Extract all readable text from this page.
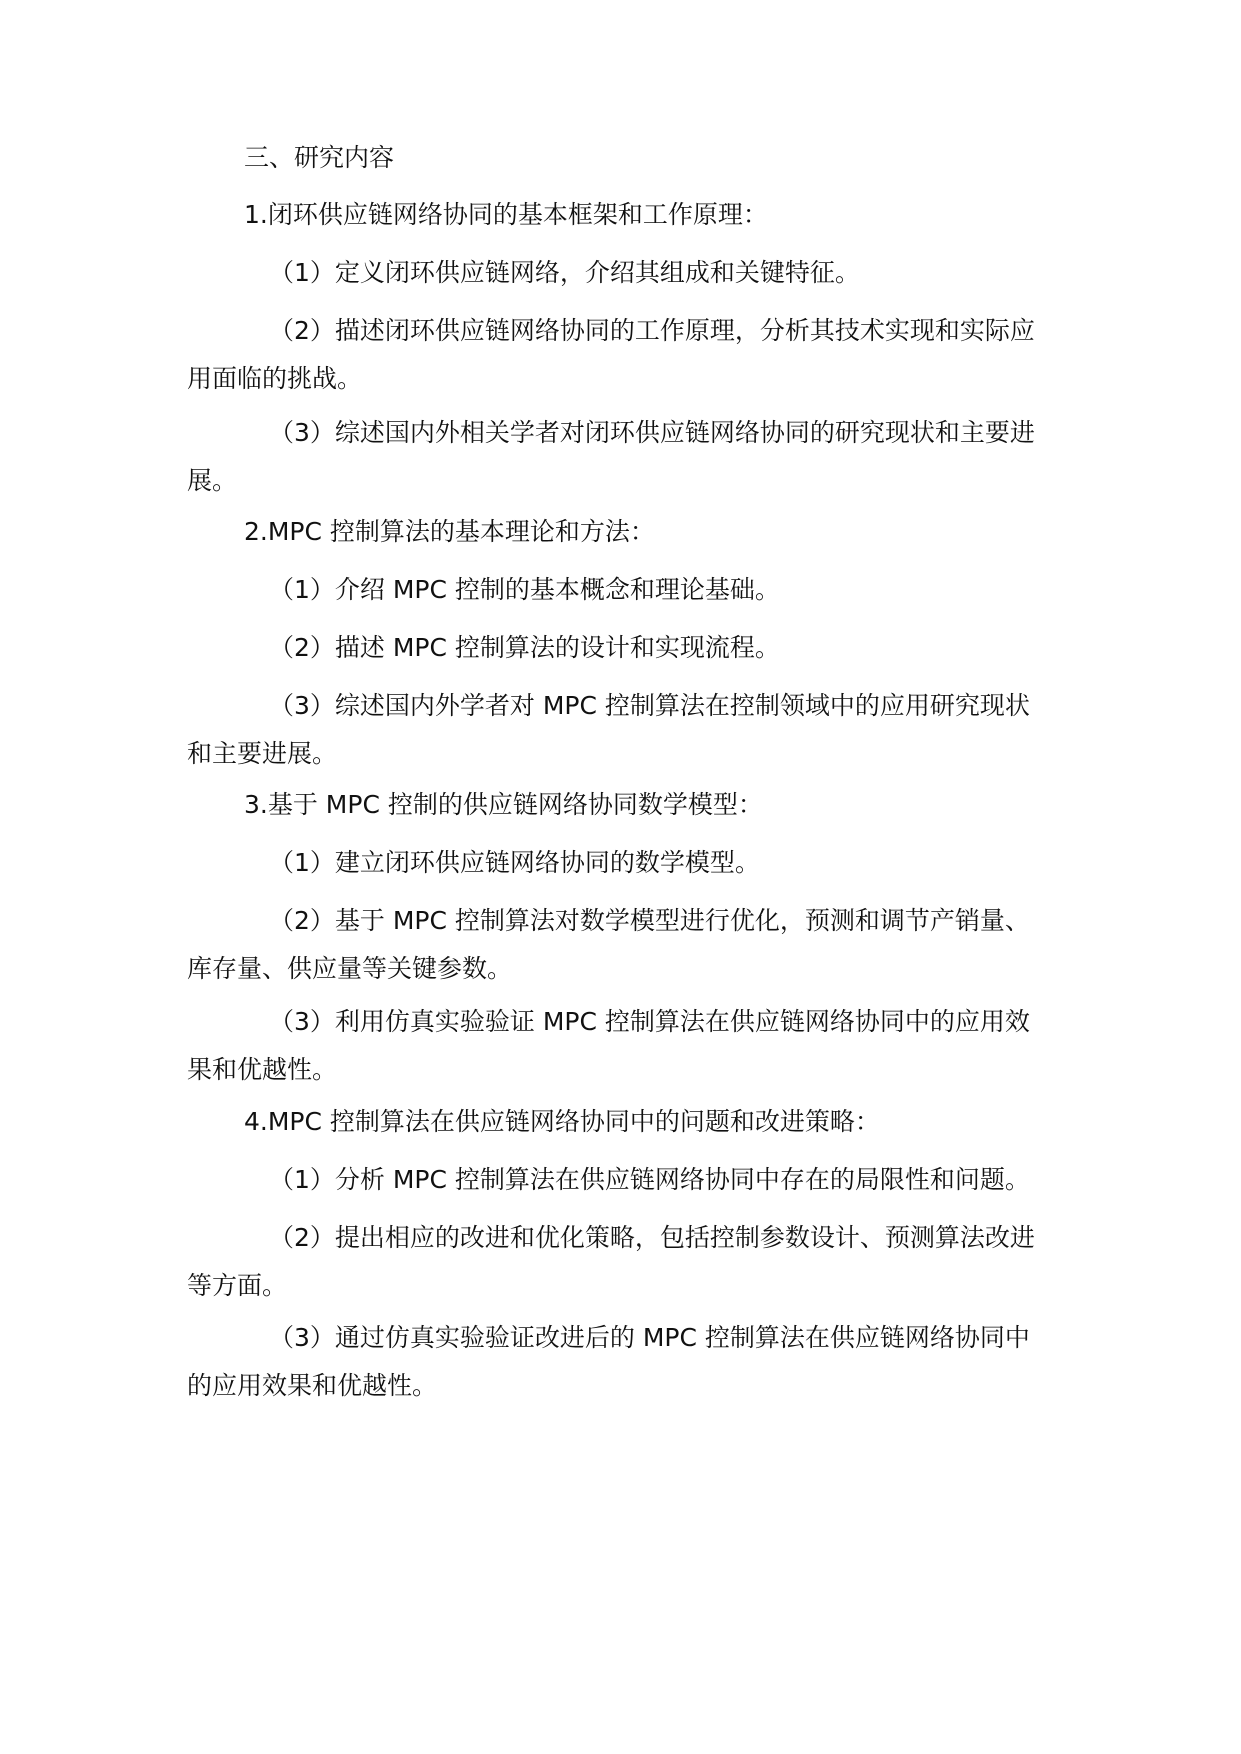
三、研究内容

1.闭环供应链网络协同的基本框架和工作原理：

（1）定义闭环供应链网络，介绍其组成和关键特征。

（2）描述闭环供应链网络协同的工作原理，分析其技术实现和实际应用面临的挑战。

（3）综述国内外相关学者对闭环供应链网络协同的研究现状和主要进展。

2.MPC 控制算法的基本理论和方法：

（1）介绍 MPC 控制的基本概念和理论基础。

（2）描述 MPC 控制算法的设计和实现流程。

（3）综述国内外学者对 MPC 控制算法在控制领域中的应用研究现状和主要进展。

3.基于 MPC 控制的供应链网络协同数学模型：

（1）建立闭环供应链网络协同的数学模型。

（2）基于 MPC 控制算法对数学模型进行优化，预测和调节产销量、库存量、供应量等关键参数。

（3）利用仿真实验验证 MPC 控制算法在供应链网络协同中的应用效果和优越性。

4.MPC 控制算法在供应链网络协同中的问题和改进策略：

（1）分析 MPC 控制算法在供应链网络协同中存在的局限性和问题。

（2）提出相应的改进和优化策略，包括控制参数设计、预测算法改进等方面。

（3）通过仿真实验验证改进后的 MPC 控制算法在供应链网络协同中的应用效果和优越性。
